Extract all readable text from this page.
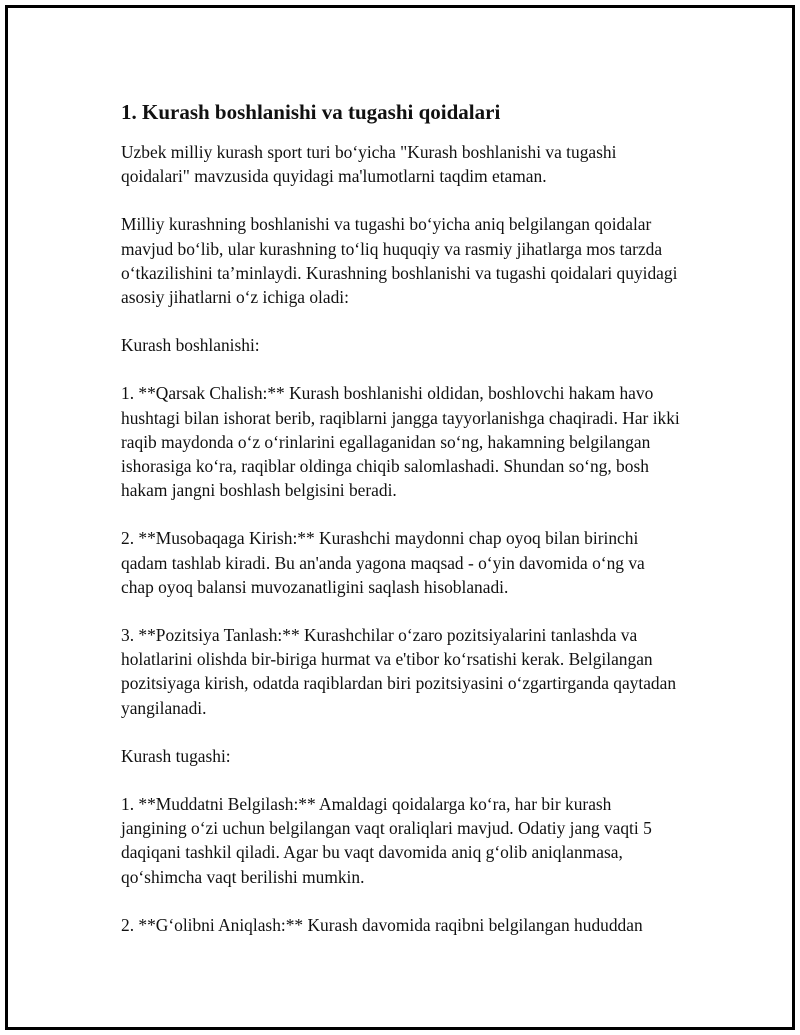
1. Kurash boshlanishi va tugashi qoidalari

Uzbek milliy kurash sport turi bo‘yicha "Kurash boshlanishi va tugashi qoidalari" mavzusida quyidagi ma'lumotlarni taqdim etaman.

Milliy kurashning boshlanishi va tugashi bo‘yicha aniq belgilangan qoidalar mavjud bo‘lib, ular kurashning to‘liq huquqiy va rasmiy jihatlarga mos tarzda o‘tkazilishini ta’minlaydi. Kurashning boshlanishi va tugashi qoidalari quyidagi asosiy jihatlarni o‘z ichiga oladi:

Kurash boshlanishi:

1. **Qarsak Chalish:** Kurash boshlanishi oldidan, boshlovchi hakam havo hushtagi bilan ishorat berib, raqiblarni jangga tayyorlanishga chaqiradi. Har ikki raqib maydonda o‘z o‘rinlarini egallaganidan so‘ng, hakamning belgilangan ishorasiga ko‘ra, raqiblar oldinga chiqib salomlashadi. Shundan so‘ng, bosh hakam jangni boshlash belgisini beradi.

2. **Musobaqaga Kirish:** Kurashchi maydonni chap oyoq bilan birinchi qadam tashlab kiradi. Bu an'anda yagona maqsad - o‘yin davomida o‘ng va chap oyoq balansi muvozanatligini saqlash hisoblanadi.

3. **Pozitsiya Tanlash:** Kurashchilar o‘zaro pozitsiyalarini tanlashda va holatlarini olishda bir-biriga hurmat va e'tibor ko‘rsatishi kerak. Belgilangan pozitsiyaga kirish, odatda raqiblardan biri pozitsiyasini o‘zgartirganda qaytadan yangilanadi.

Kurash tugashi:

1. **Muddatni Belgilash:** Amaldagi qoidalarga ko‘ra, har bir kurash jangining o‘zi uchun belgilangan vaqt oraliqlari mavjud. Odatiy jang vaqti 5 daqiqani tashkil qiladi. Agar bu vaqt davomida aniq g‘olib aniqlanmasa, qo‘shimcha vaqt berilishi mumkin.

2. **G‘olibni Aniqlash:** Kurash davomida raqibni belgilangan hududdan
